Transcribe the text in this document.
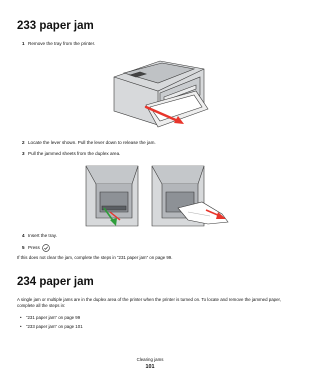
233 paper jam
1 Remove the tray from the printer.
2 Locate the lever shown. Pull the lever down to release the jam.
3 Pull the jammed sheets from the duplex area.
4 Insert the tray.
5 Press
If this does not clear the jam, complete the steps in “231 paper jam” on page 99.
234 paper jam
A single jam or multiple jams are in the duplex area of the printer when the printer is turned on. To locate and remove the jammed paper, complete all the steps in:
• “231 paper jam” on page 99
• “233 paper jam” on page 101
Clearing jams
101
